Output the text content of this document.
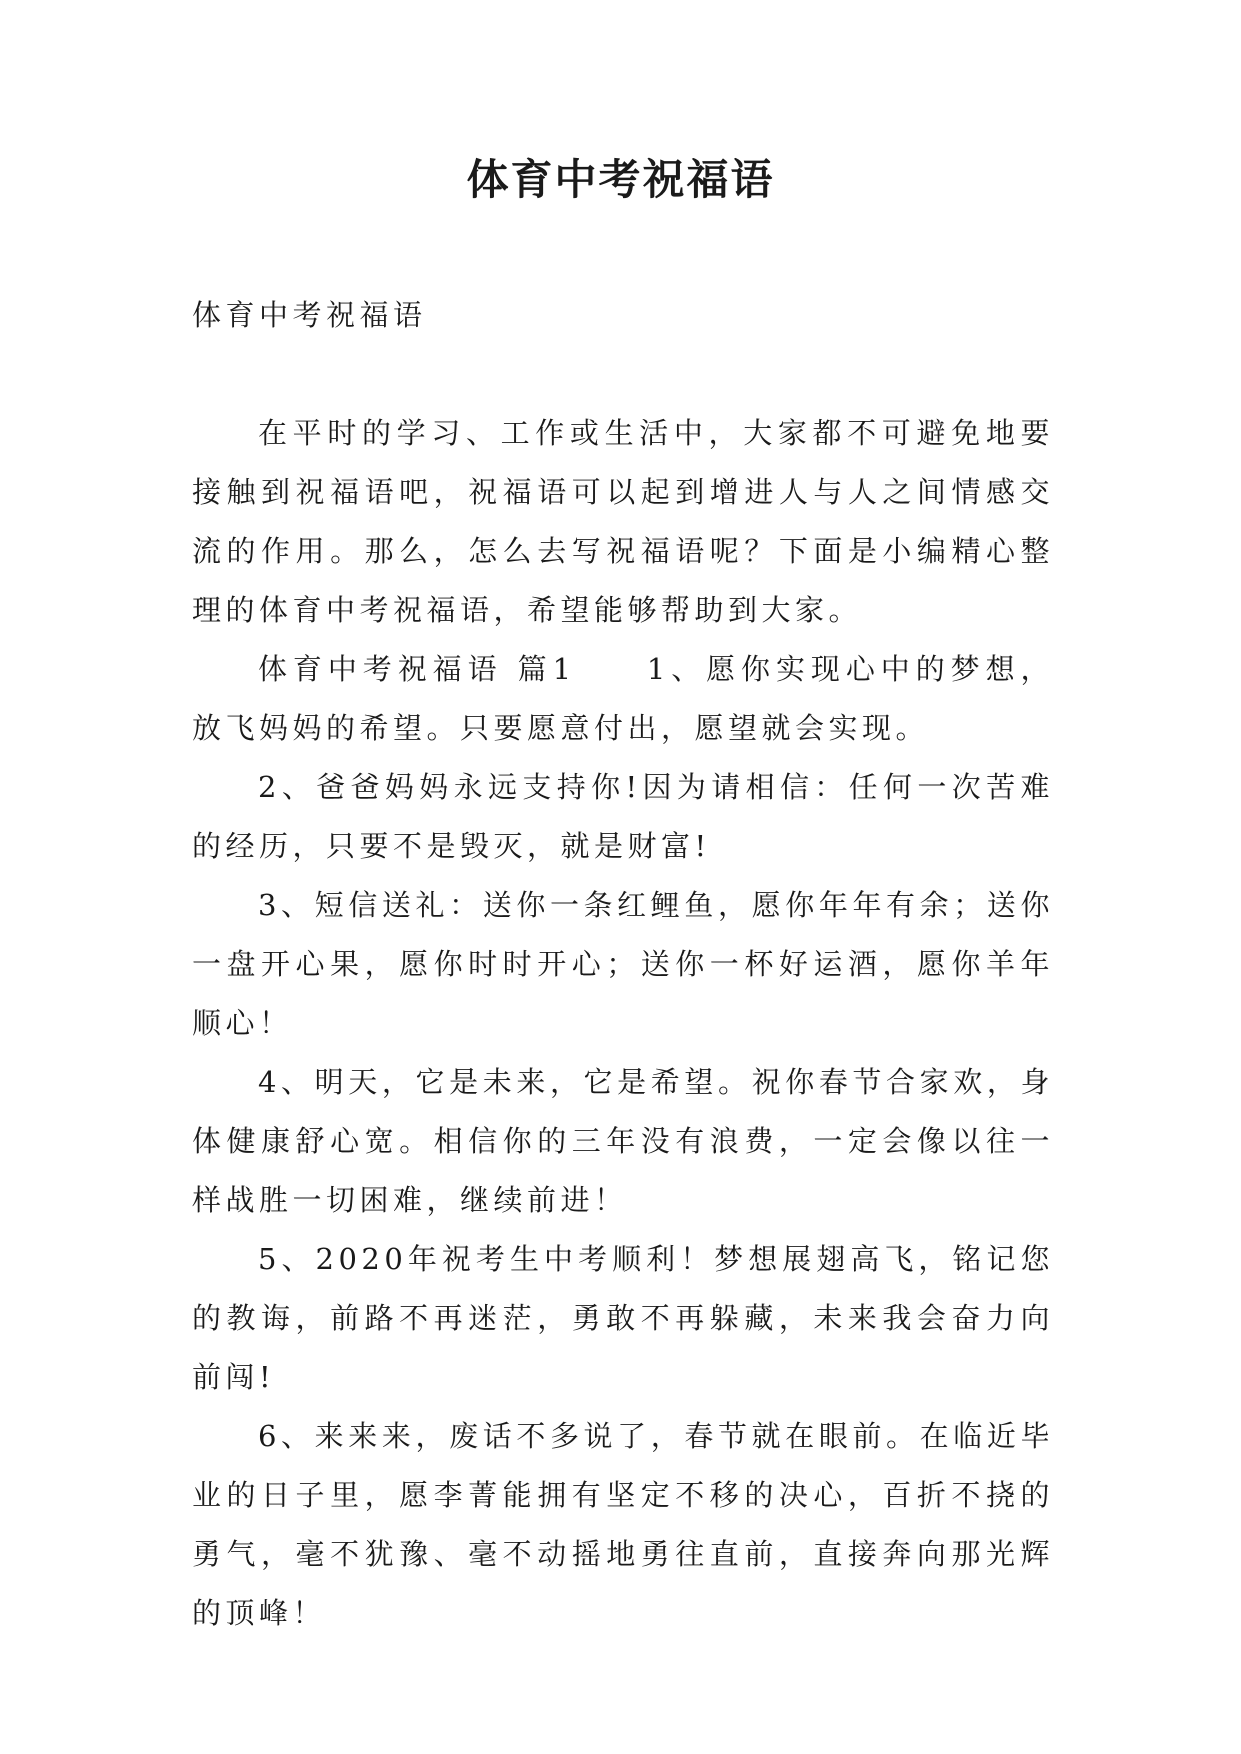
体育中考祝福语

体育中考祝福语

在平时的学习、工作或生活中，大家都不可避免地要接触到祝福语吧，祝福语可以起到增进人与人之间情感交流的作用。那么，怎么去写祝福语呢？下面是小编精心整理的体育中考祝福语，希望能够帮助到大家。

体育中考祝福语 篇1　　1、愿你实现心中的梦想，放飞妈妈的希望。只要愿意付出，愿望就会实现。

2、爸爸妈妈永远支持你!因为请相信：任何一次苦难的经历，只要不是毁灭，就是财富!

3、短信送礼：送你一条红鲤鱼，愿你年年有余；送你一盘开心果，愿你时时开心；送你一杯好运酒，愿你羊年顺心！

4、明天，它是未来，它是希望。祝你春节合家欢，身体健康舒心宽。相信你的三年没有浪费，一定会像以往一样战胜一切困难，继续前进！

5、2020年祝考生中考顺利！梦想展翅高飞，铭记您的教诲，前路不再迷茫，勇敢不再躲藏，未来我会奋力向前闯!

6、来来来，废话不多说了，春节就在眼前。在临近毕业的日子里，愿李菁能拥有坚定不移的决心，百折不挠的勇气，毫不犹豫、毫不动摇地勇往直前，直接奔向那光辉的顶峰！
